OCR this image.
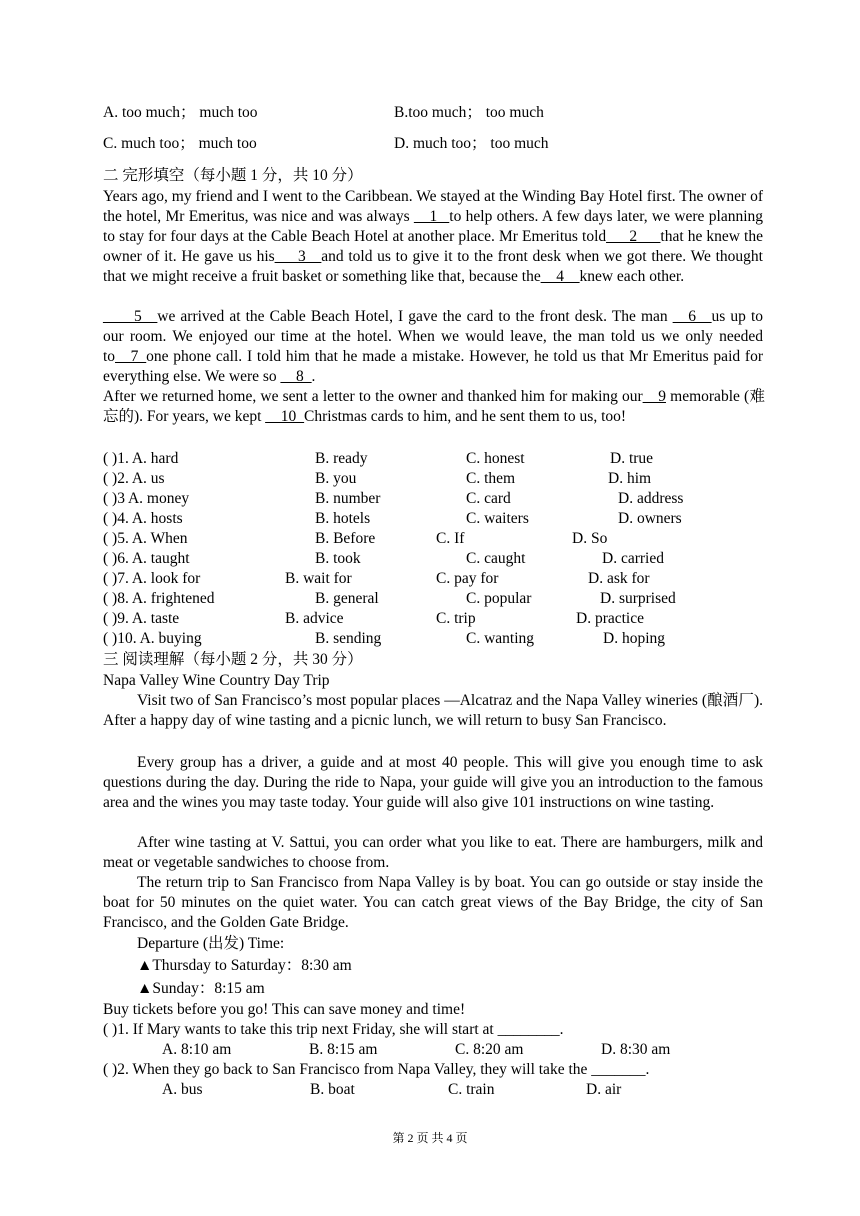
A. too much； much too	B.too much； too much
C. much too； much too	D. much too； too much
二 完形填空（每小题 1 分，共 10 分）
Years ago, my friend and I went to the Caribbean. We stayed at the Winding Bay Hotel first. The owner of the hotel, Mr Emeritus, was nice and was always __1_ to help others. A few days later, we were planning to stay for four days at the Cable Beach Hotel at another place. Mr Emeritus told___2___that he knew the owner of it. He gave us his___3__and told us to give it to the front desk when we got there. We thought that we might receive a fruit basket or something like that, because the__4__knew each other.
____5__we arrived at the Cable Beach Hotel, I gave the card to the front desk. The man __6__us up to our room. We enjoyed our time at the hotel. When we would leave, the man told us we only needed to__7_one phone call. I told him that he made a mistake. However, he told us that Mr Emeritus paid for everything else. We were so __8_.
After we returned home, we sent a letter to the owner and thanked him for making our__9 memorable (难忘的). For years, we kept __10_Christmas cards to him, and he sent them to us, too!
( )1. A. hard	B. ready	C. honest	D. true
( )2. A. us	B. you	C. them	D. him
( )3 A. money	B. number	C. card	D. address
( )4. A. hosts	B. hotels	C. waiters	D. owners
( )5. A. When	B. Before	C. If	D. So
( )6. A. taught	B. took	C. caught	D. carried
( )7. A. look for	B. wait for	C. pay for	D. ask for
( )8. A. frightened	B. general	C. popular	D. surprised
( )9. A. taste	B. advice	C. trip	D. practice
( )10. A. buying	B. sending	C. wanting	D. hoping
三 阅读理解（每小题 2 分，共 30 分）
Napa Valley Wine Country Day Trip
Visit two of San Francisco’s most popular places —Alcatraz and the Napa Valley wineries (酿酒厂). After a happy day of wine tasting and a picnic lunch, we will return to busy San Francisco.
Every group has a driver, a guide and at most 40 people. This will give you enough time to ask questions during the day. During the ride to Napa, your guide will give you an introduction to the famous area and the wines you may taste today. Your guide will also give 101 instructions on wine tasting.
After wine tasting at V. Sattui, you can order what you like to eat. There are hamburgers, milk and meat or vegetable sandwiches to choose from.
The return trip to San Francisco from Napa Valley is by boat. You can go outside or stay inside the boat for 50 minutes on the quiet water. You can catch great views of the Bay Bridge, the city of San Francisco, and the Golden Gate Bridge.
Departure (出发) Time:
▲Thursday to Saturday：8:30 am
▲Sunday：8:15 am
Buy tickets before you go! This can save money and time!
( )1. If Mary wants to take this trip next Friday, she will start at ________.
A. 8:10 am	B. 8:15 am	C. 8:20 am	D. 8:30 am
( )2. When they go back to San Francisco from Napa Valley, they will take the _______.
A. bus	B. boat	C. train	D. air
第 2 页 共 4 页
